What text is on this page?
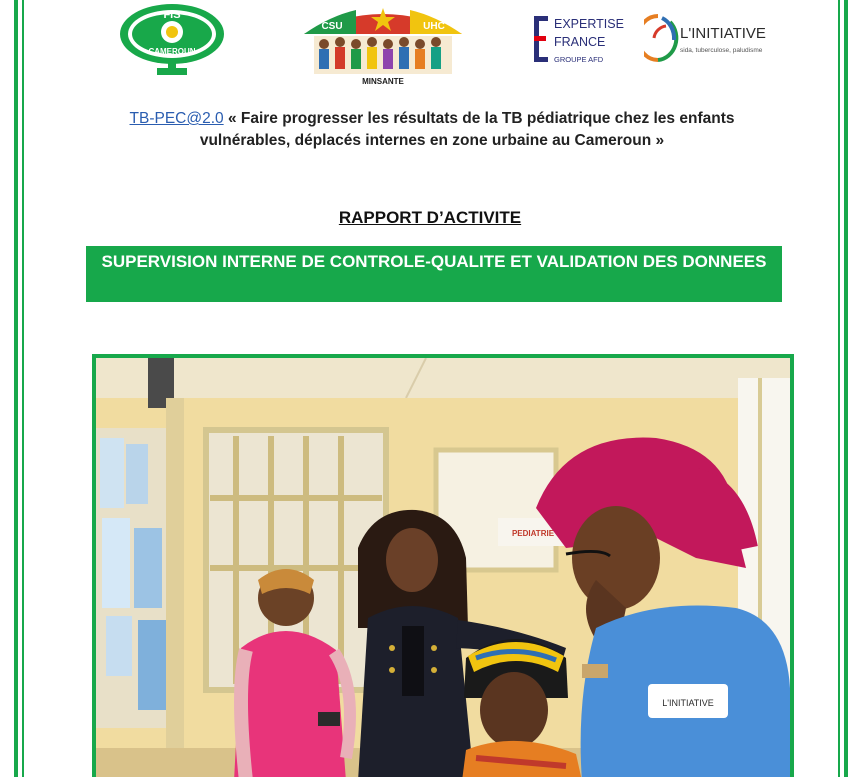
FIS
CAMEROUN
CSU	UHC
MINSANTE
EXPERTISE
FRANCE
GROUPE AFD
L'INITIATIVE
sida, tuberculose, paludisme
TB-PEC@2.0 « Faire progresser les résultats de la TB pédiatrique chez les enfants vulnérables, déplacés internes en zone urbaine au Cameroun »
RAPPORT D’ACTIVITE
SUPERVISION INTERNE DE CONTROLE-QUALITE ET VALIDATION DES DONNEES
PEDIATRIE
L'INITIATIVE
